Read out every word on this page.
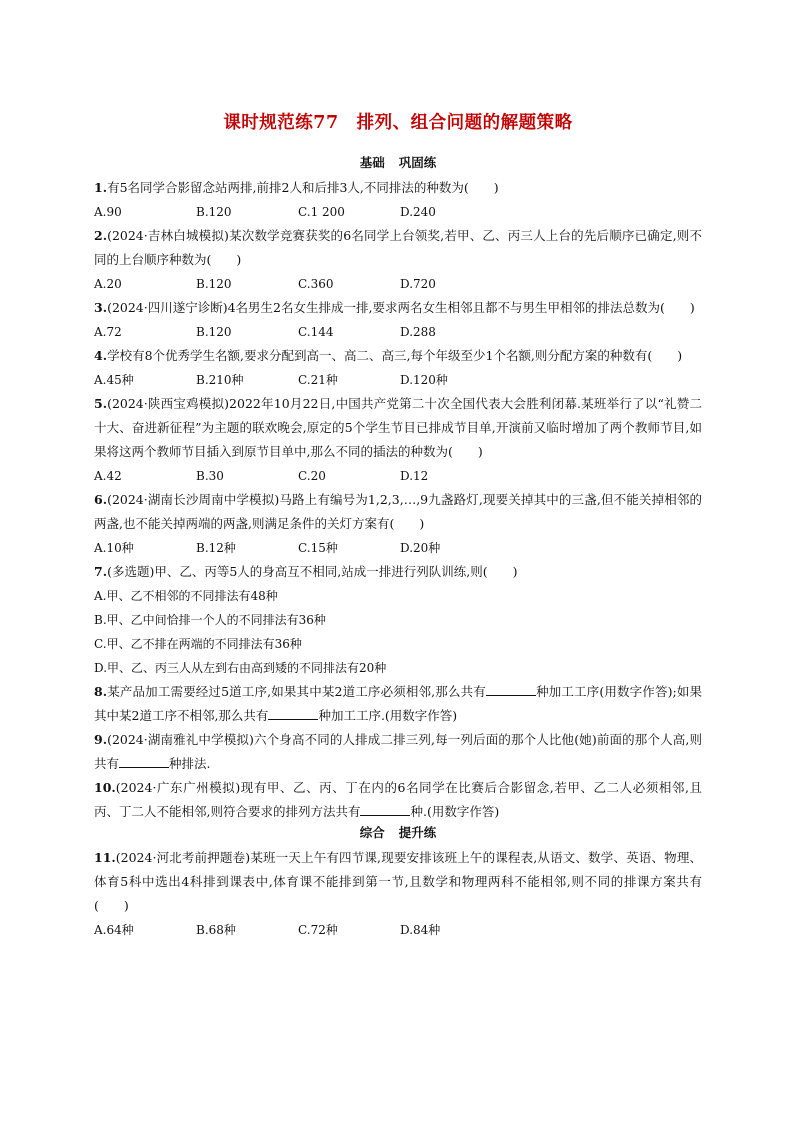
课时规范练77　排列、组合问题的解题策略
基础 巩固练

1.有5名同学合影留念站两排,前排2人和后排3人,不同排法的种数为(　　)

A.90	B.120	C.1 200	D.240

2.(2024·吉林白城模拟)某次数学竞赛获奖的6名同学上台领奖,若甲、乙、丙三人上台的先后顺序已确定,则不同的上台顺序种数为(　　)

A.20	B.120	C.360	D.720

3.(2024·四川遂宁诊断)4名男生2名女生排成一排,要求两名女生相邻且都不与男生甲相邻的排法总数为(　　)

A.72	B.120	C.144	D.288

4.学校有8个优秀学生名额,要求分配到高一、高二、高三,每个年级至少1个名额,则分配方案的种数有(　　)

A.45种	B.210种	C.21种	D.120种

5.(2024·陕西宝鸡模拟)2022年10月22日,中国共产党第二十次全国代表大会胜利闭幕.某班举行了以“礼赞二十大、奋进新征程”为主题的联欢晚会,原定的5个学生节目已排成节目单,开演前又临时增加了两个教师节目,如果将这两个教师节目插入到原节目单中,那么不同的插法的种数为(　　)

A.42	B.30	C.20	D.12

6.(2024·湖南长沙周南中学模拟)马路上有编号为1,2,3,…,9九盏路灯,现要关掉其中的三盏,但不能关掉相邻的两盏,也不能关掉两端的两盏,则满足条件的关灯方案有(　　)

A.10种	B.12种	C.15种	D.20种

7.(多选题)甲、乙、丙等5人的身高互不相同,站成一排进行列队训练,则(　　)

A.甲、乙不相邻的不同排法有48种

B.甲、乙中间恰排一个人的不同排法有36种

C.甲、乙不排在两端的不同排法有36种

D.甲、乙、丙三人从左到右由高到矮的不同排法有20种

8.某产品加工需要经过5道工序,如果其中某2道工序必须相邻,那么共有	种加工工序(用数字作答);如果其中某2道工序不相邻,那么共有	种加工工序.(用数字作答)

9.(2024·湖南雅礼中学模拟)六个身高不同的人排成二排三列,每一列后面的那个人比他(她)前面的那个人高,则共有	种排法.

10.(2024·广东广州模拟)现有甲、乙、丙、丁在内的6名同学在比赛后合影留念,若甲、乙二人必须相邻,且丙、丁二人不能相邻,则符合要求的排列方法共有	种.(用数字作答)

综合 提升练

11.(2024·河北考前押题卷)某班一天上午有四节课,现要安排该班上午的课程表,从语文、数学、英语、物理、体育5科中选出4科排到课表中,体育课不能排到第一节,且数学和物理两科不能相邻,则不同的排课方案共有(　　)

A.64种	B.68种	C.72种	D.84种
